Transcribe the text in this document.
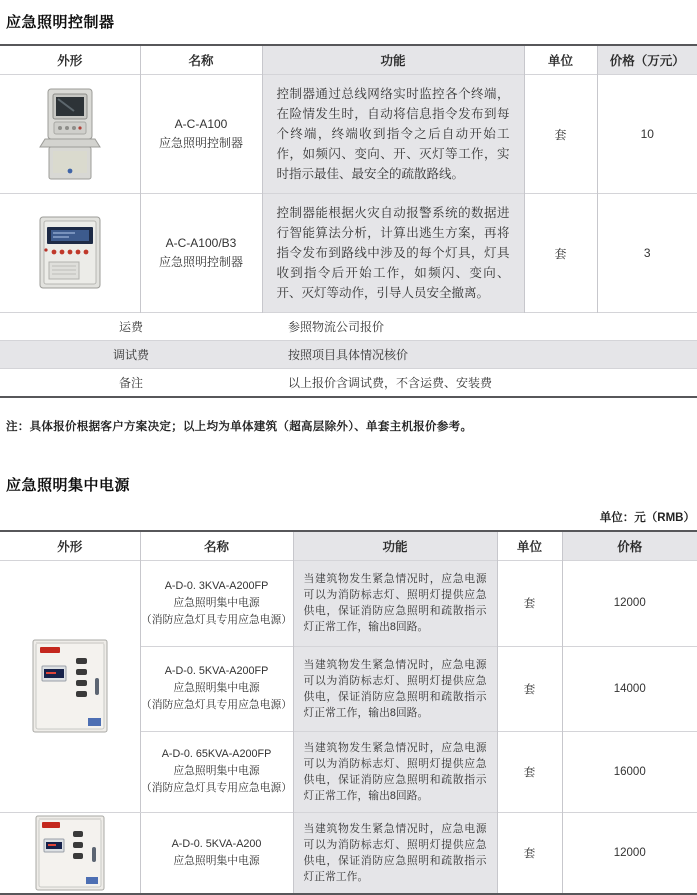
应急照明控制器
外形	名称	功能	单位	价格（万元）

A-C-A100
应急照明控制器	控制器通过总线网络实时监控各个终端，在险情发生时，自动将信息指令发布到每个终端，终端收到指令之后自动开始工作，如频闪、变向、开、灭灯等工作，实时指示最佳、最安全的疏散路线。	套	10

A-C-A100/B3
应急照明控制器	控制器能根据火灾自动报警系统的数据进行智能算法分析，计算出逃生方案，再将指令发布到路线中涉及的每个灯具，灯具收到指令后开始工作，如频闪、变向、开、灭灯等动作，引导人员安全撤离。	套	3
运费		参照物流公司报价		
调试费		按照项目具体情况核价		
备注		以上报价含调试费，不含运费、安装费		
注：具体报价根据客户方案决定；以上均为单体建筑（超高层除外）、单套主机报价参考。
应急照明集中电源
单位：元（RMB）
外形	名称	功能	单位	价格

A-D-0. 3KVA-A200FP
应急照明集中电源
（消防应急灯具专用应急电源）	当建筑物发生紧急情况时，应急电源可以为消防标志灯、照明灯提供应急供电，保证消防应急照明和疏散指示灯正常工作，输出8回路。	套	12000

	A-D-0. 5KVA-A200FP
应急照明集中电源
（消防应急灯具专用应急电源）	当建筑物发生紧急情况时，应急电源可以为消防标志灯、照明灯提供应急供电，保证消防应急照明和疏散指示灯正常工作，输出8回路。	套	14000

	A-D-0. 65KVA-A200FP
应急照明集中电源
（消防应急灯具专用应急电源）	当建筑物发生紧急情况时，应急电源可以为消防标志灯、照明灯提供应急供电，保证消防应急照明和疏散指示灯正常工作，输出8回路。	套	16000

A-D-0. 5KVA-A200
应急照明集中电源	当建筑物发生紧急情况时，应急电源可以为消防标志灯、照明灯提供应急供电，保证消防应急照明和疏散指示灯正常工作。	套	12000
